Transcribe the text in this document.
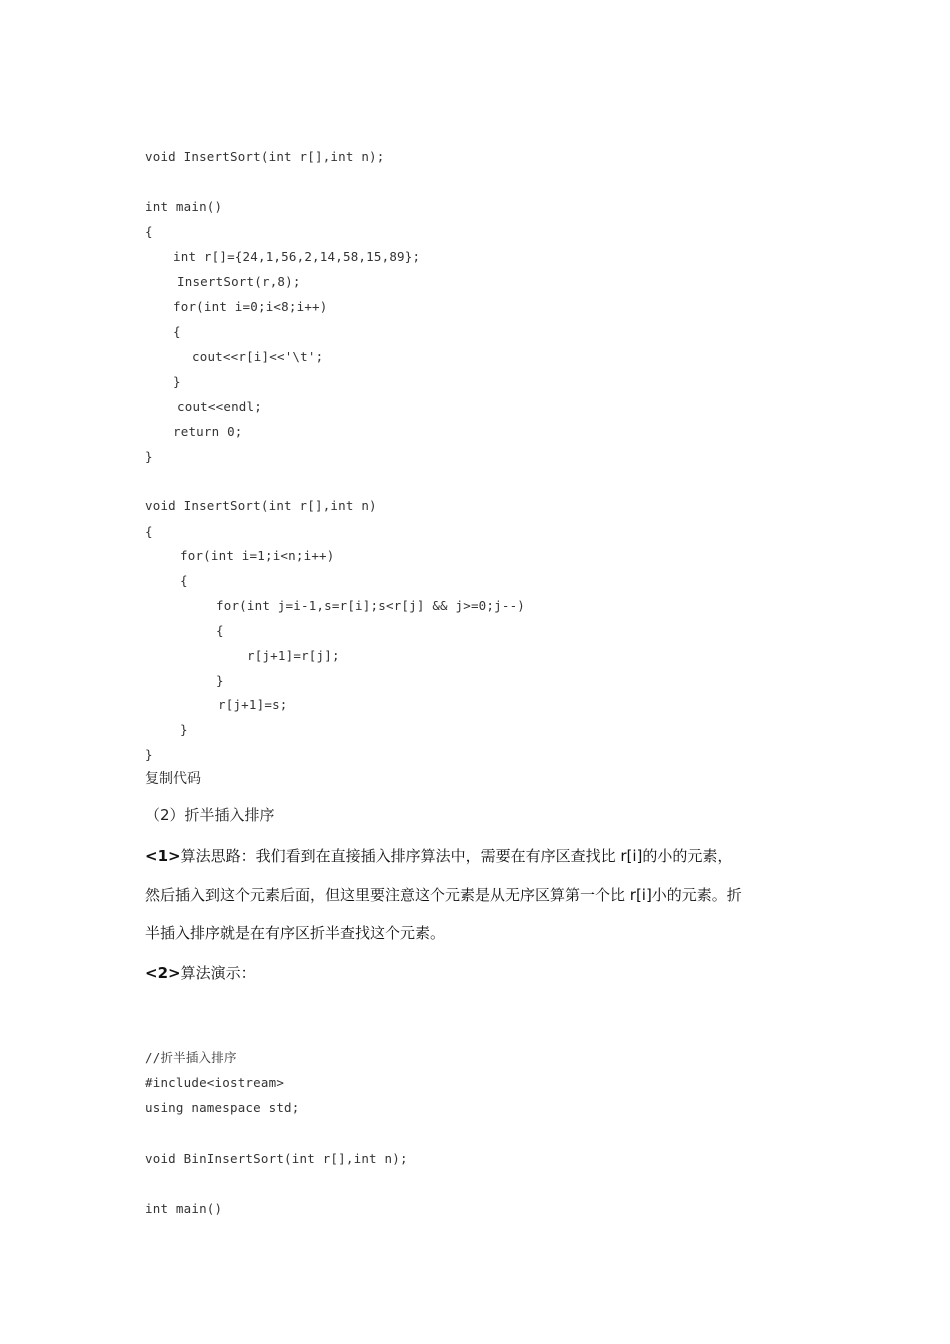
void InsertSort(int r[],int n);
int main()
{
int r[]={24,1,56,2,14,58,15,89};
InsertSort(r,8);
for(int i=0;i<8;i++)
{
cout<<r[i]<<'\t';
}
cout<<endl;
return 0;
}
void InsertSort(int r[],int n)
{
for(int i=1;i<n;i++)
{
for(int j=i-1,s=r[i];s<r[j] && j>=0;j--)
{
r[j+1]=r[j];
}
r[j+1]=s;
}
}
复制代码
（2）折半插入排序
<1>算法思路：我们看到在直接插入排序算法中，需要在有序区查找比 r[i]的小的元素，
然后插入到这个元素后面，但这里要注意这个元素是从无序区算第一个比 r[i]小的元素。折
半插入排序就是在有序区折半查找这个元素。
<2>算法演示：
//折半插入排序
#include<iostream>
using namespace std;
void BinInsertSort(int r[],int n);
int main()
